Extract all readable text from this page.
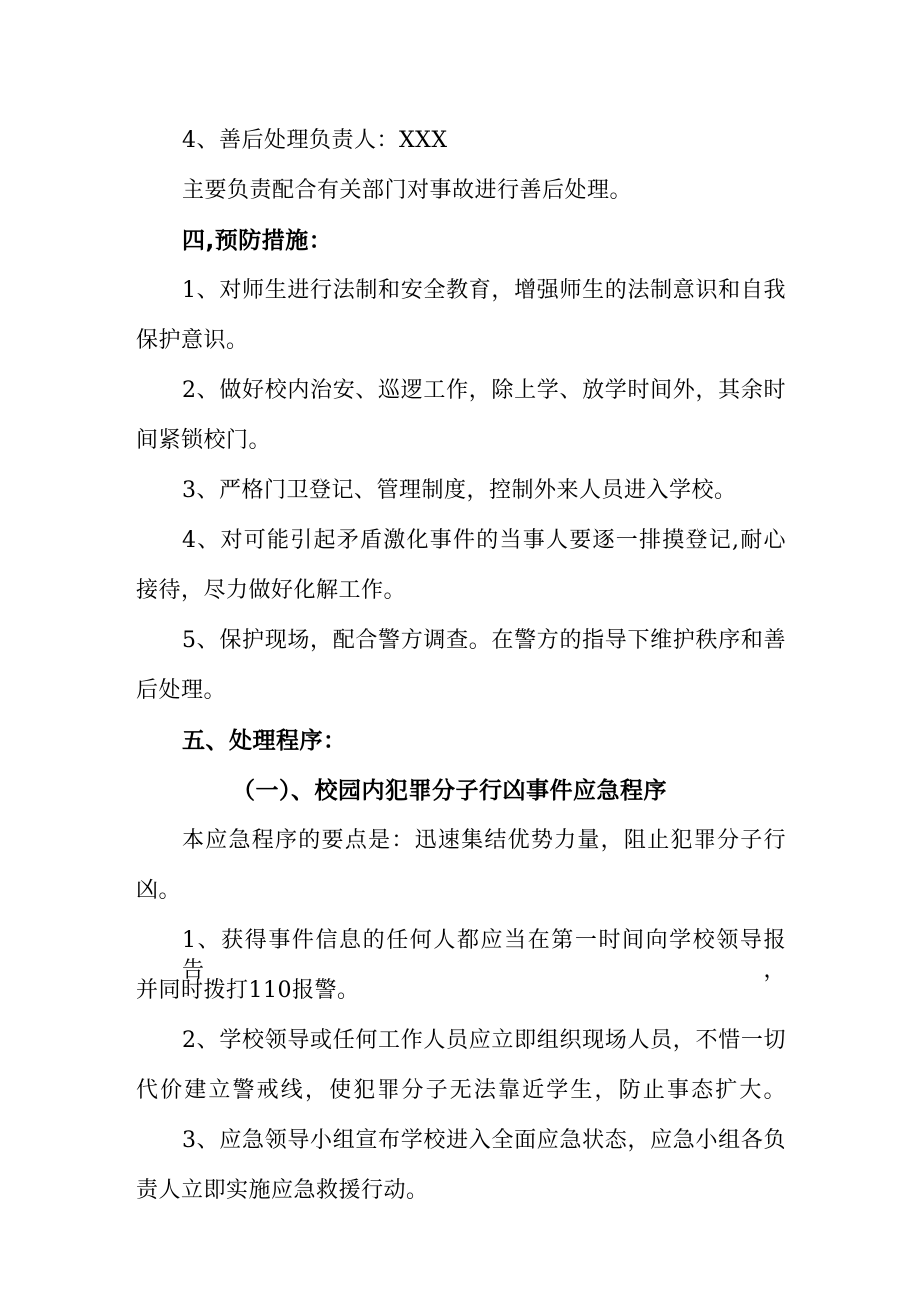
4、善后处理负责人：XXX
主要负责配合有关部门对事故进行善后处理。
四,预防措施：
1、对师生进行法制和安全教育，增强师生的法制意识和自我
保护意识。
2、做好校内治安、巡逻工作，除上学、放学时间外，其余时
间紧锁校门。
3、严格门卫登记、管理制度，控制外来人员进入学校。
4、对可能引起矛盾激化事件的当事人要逐一排摸登记,耐心
接待，尽力做好化解工作。
5、保护现场，配合警方调查。在警方的指导下维护秩序和善
后处理。
五、处理程序：
（一）、校园内犯罪分子行凶事件应急程序
本应急程序的要点是：迅速集结优势力量，阻止犯罪分子行
凶。
1、获得事件信息的任何人都应当在第一时间向学校领导报告，
并同时拨打110报警。
2、学校领导或任何工作人员应立即组织现场人员，不惜一切
代价建立警戒线，使犯罪分子无法靠近学生，防止事态扩大。
3、应急领导小组宣布学校进入全面应急状态，应急小组各负
责人立即实施应急救援行动。
